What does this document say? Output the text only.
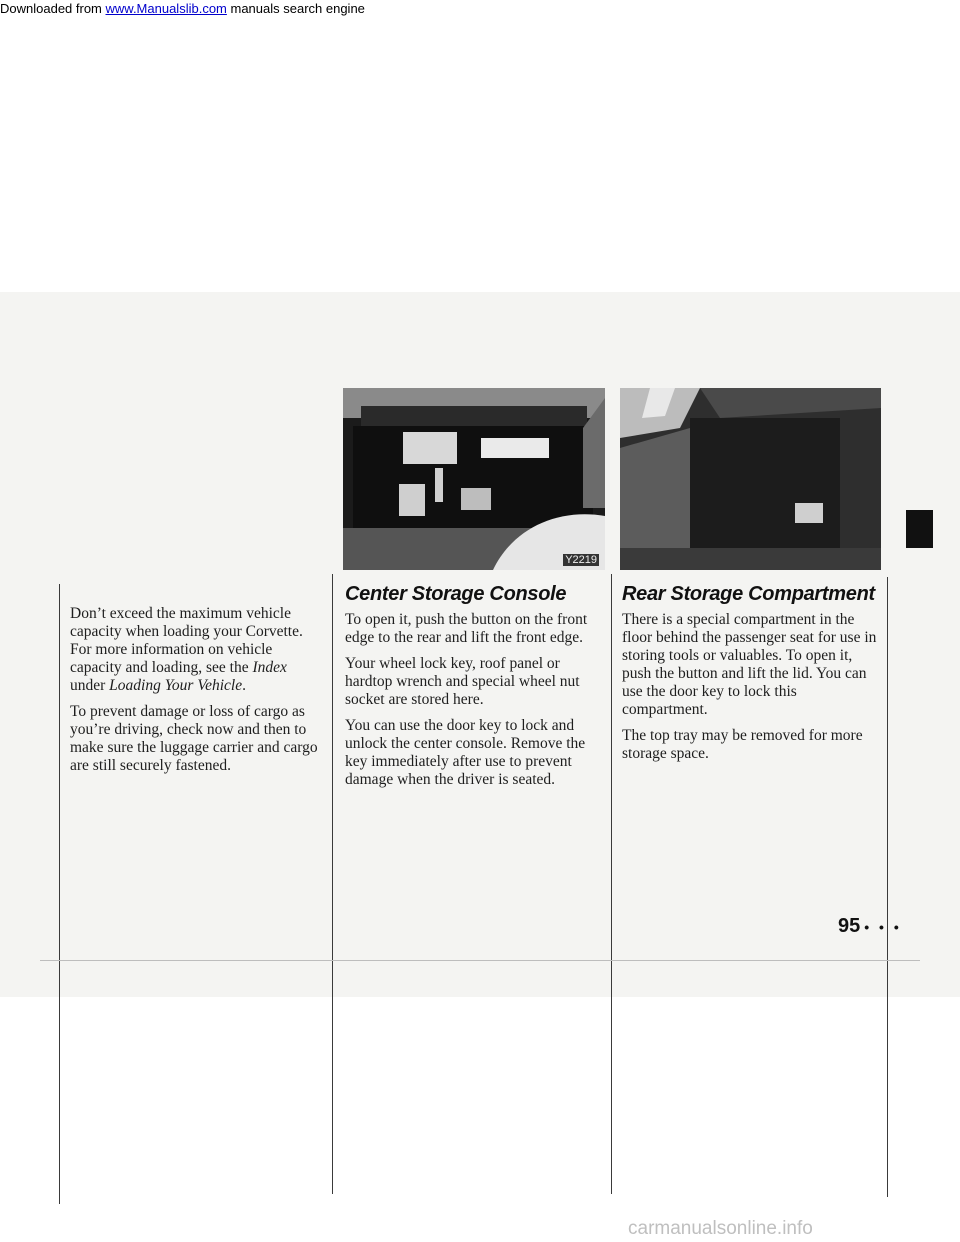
Downloaded from www.Manualslib.com manuals search engine
Y2219

Don’t exceed the maximum vehicle capacity when loading your Corvette. For more information on vehicle capacity and loading, see the Index under Loading Your Vehicle.

To prevent damage or loss of cargo as you’re driving, check now and then to make sure the luggage carrier and cargo are still securely fastened.

Center Storage Console

To open it, push the button on the front edge to the rear and lift the front edge.

Your wheel lock key, roof panel or hardtop wrench and special wheel nut socket are stored here.

You can use the door key to lock and unlock the center console. Remove the key immediately after use to prevent damage when the driver is seated.

Rear Storage Compartment

There is a special compartment in the floor behind the passenger seat for use in storing tools or valuables. To open it, push the button and lift the lid. You can use the door key to lock this compartment.

The top tray may be removed for more storage space.

95 • • •
carmanualsonline.info
